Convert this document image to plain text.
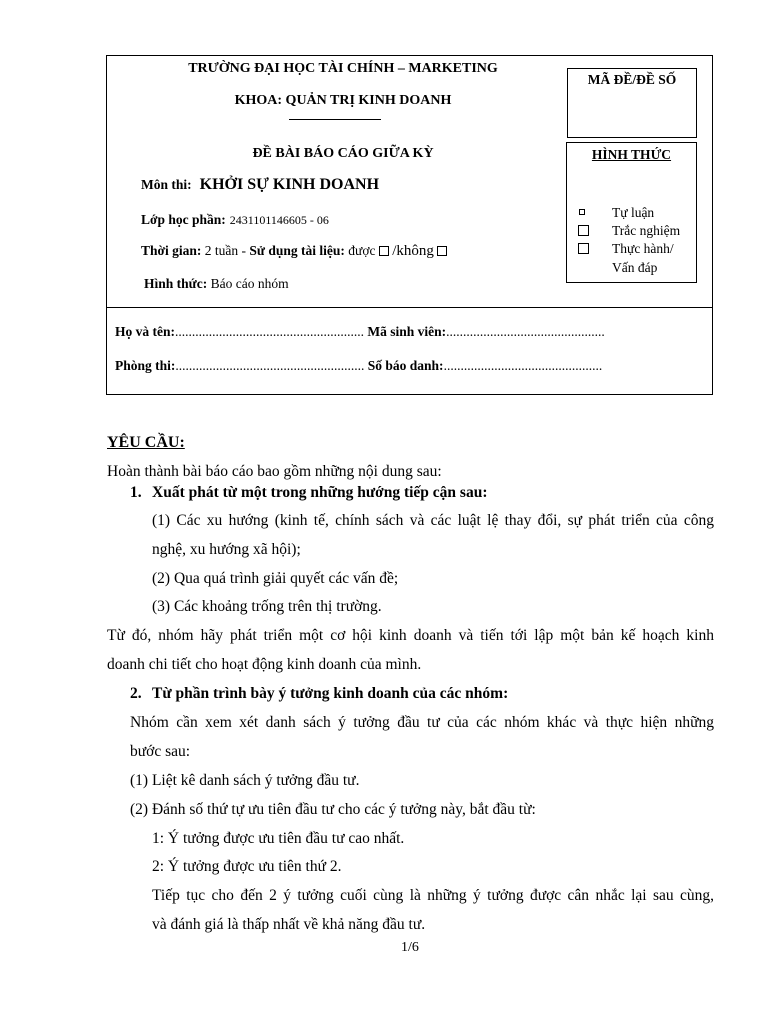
TRƯỜNG ĐẠI HỌC TÀI CHÍNH – MARKETING
KHOA: QUẢN TRỊ KINH DOANH
ĐỀ BÀI BÁO CÁO GIỮA KỲ
Môn thi: KHỞI SỰ KINH DOANH
Lớp học phần: 2431101146605 - 06
Thời gian: 2 tuần - Sử dụng tài liệu: được /không
Hình thức: Báo cáo nhóm
MÃ ĐỀ/ĐỀ SỐ
HÌNH THỨC
Tự luận
Trắc nghiệm
Thực hành/
Vấn đáp
Họ và tên:........................................................ Mã sinh viên:...............................................
Phòng thi:........................................................ Số báo danh:...............................................
YÊU CẦU:
Hoàn thành bài báo cáo bao gồm những nội dung sau:
1. Xuất phát từ một trong những hướng tiếp cận sau:
(1) Các xu hướng (kinh tế, chính sách và các luật lệ thay đổi, sự phát triển của công
nghệ, xu hướng xã hội);
(2) Qua quá trình giải quyết các vấn đề;
(3) Các khoảng trống trên thị trường.
Từ đó, nhóm hãy phát triển một cơ hội kinh doanh và tiến tới lập một bản kế hoạch kinh
doanh chi tiết cho hoạt động kinh doanh của mình.
2. Từ phần trình bày ý tưởng kinh doanh của các nhóm:
Nhóm cần xem xét danh sách ý tưởng đầu tư của các nhóm khác và thực hiện những
bước sau:
(1) Liệt kê danh sách ý tưởng đầu tư.
(2) Đánh số thứ tự ưu tiên đầu tư cho các ý tưởng này, bắt đầu từ:
1: Ý tưởng được ưu tiên đầu tư cao nhất.
2: Ý tưởng được ưu tiên thứ 2.
Tiếp tục cho đến 2 ý tưởng cuối cùng là những ý tưởng được cân nhắc lại sau cùng,
và đánh giá là thấp nhất về khả năng đầu tư.
1/6
